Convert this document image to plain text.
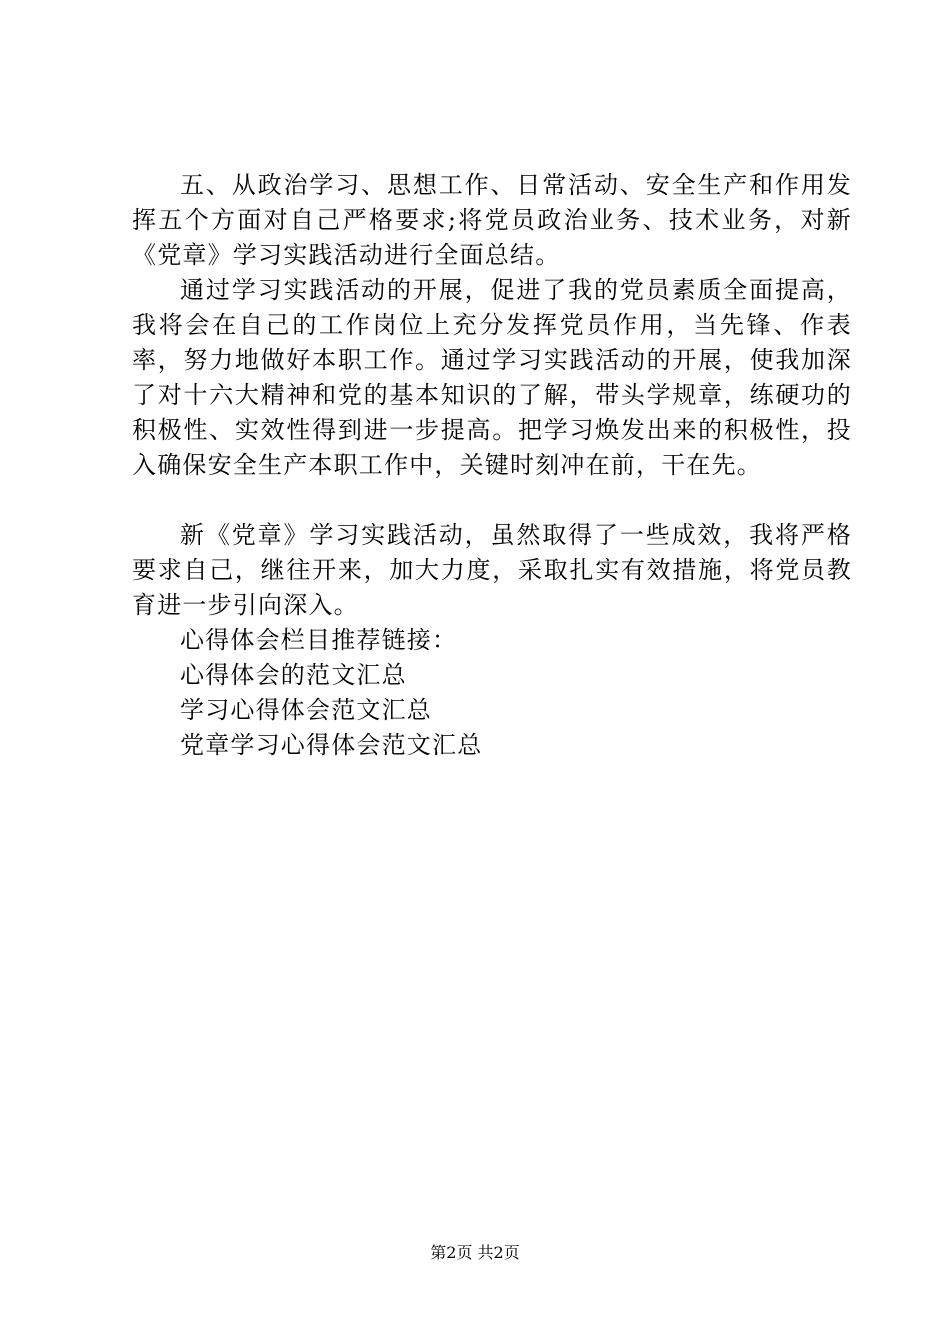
五、从政治学习、思想工作、日常活动、安全生产和作用发挥五个方面对自己严格要求;将党员政治业务、技术业务，对新《党章》学习实践活动进行全面总结。

通过学习实践活动的开展，促进了我的党员素质全面提高，我将会在自己的工作岗位上充分发挥党员作用，当先锋、作表率，努力地做好本职工作。通过学习实践活动的开展，使我加深了对十六大精神和党的基本知识的了解，带头学规章，练硬功的积极性、实效性得到进一步提高。把学习焕发出来的积极性，投入确保安全生产本职工作中，关键时刻冲在前，干在先。

新《党章》学习实践活动，虽然取得了一些成效，我将严格要求自己，继往开来，加大力度，采取扎实有效措施，将党员教育进一步引向深入。

心得体会栏目推荐链接：

心得体会的范文汇总

学习心得体会范文汇总

党章学习心得体会范文汇总

第2页 共2页
